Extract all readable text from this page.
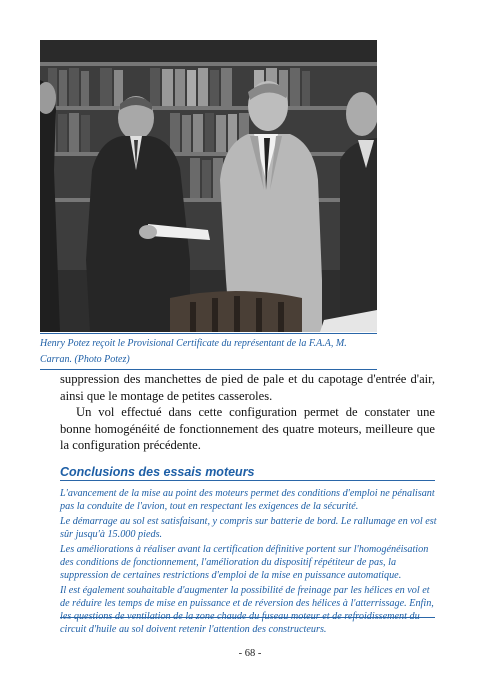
Henry Potez reçoit le Provisional Certificate du représentant de la F.A.A, M. Carran. (Photo Potez)

suppression des manchettes de pied de pale et du capotage d'entrée d'air, ainsi que le montage de petites casseroles.

Un vol effectué dans cette configuration permet de constater une bonne homogénéité de fonctionnement des quatre moteurs, meilleure que la configuration précédente.

Conclusions des essais moteurs

L'avancement de la mise au point des moteurs permet des conditions d'emploi ne pénalisant pas la conduite de l'avion, tout en respectant les exigences de la sécurité.

Le démarrage au sol est satisfaisant, y compris sur batterie de bord. Le rallumage en vol est sûr jusqu'à 15.000 pieds.

Les améliorations à réaliser avant la certification définitive portent sur l'homogénéisation des conditions de fonctionnement, l'amélioration du dispositif répétiteur de pas, la suppression de certaines restrictions d'emploi de la mise en puissance automatique.

Il est également souhaitable d'augmenter la possibilité de freinage par les hélices en vol et de réduire les temps de mise en puissance et de réversion des hélices à l'atterrissage. Enfin, les questions de ventilation de la zone chaude du fuseau moteur et de refroidissement du circuit d'huile au sol doivent retenir l'attention des constructeurs.

- 68 -
